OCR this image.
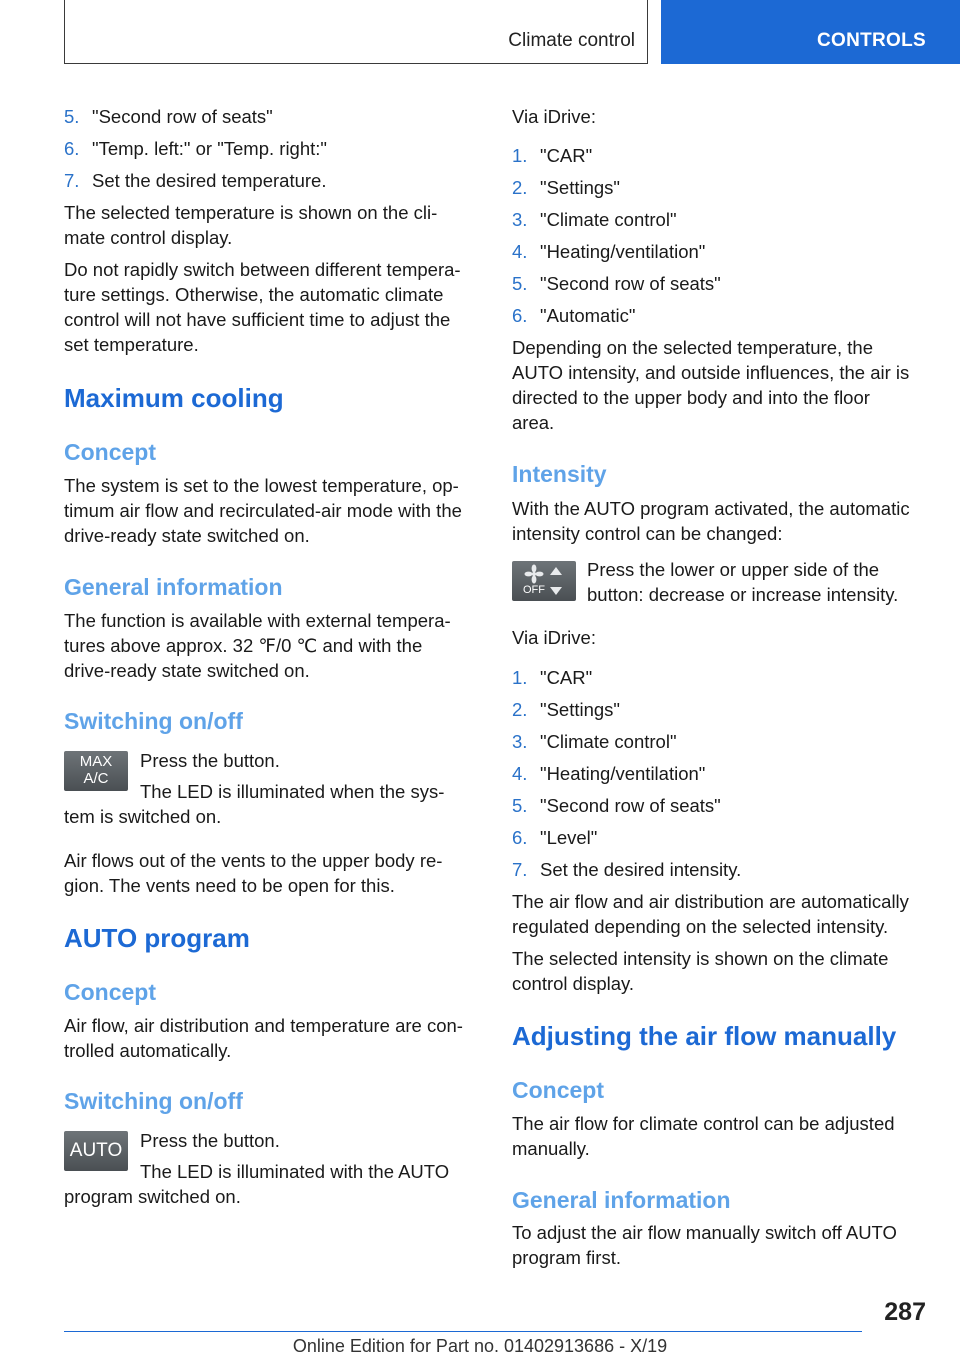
Climate control	CONTROLS
5. "Second row of seats"
6. "Temp. left:" or "Temp. right:"
7. Set the desired temperature.
The selected temperature is shown on the cli-
mate control display.
Do not rapidly switch between different tempera-
ture settings. Otherwise, the automatic climate
control will not have sufficient time to adjust the
set temperature.
Maximum cooling
Concept
The system is set to the lowest temperature, op-
timum air flow and recirculated-air mode with the
drive-ready state switched on.
General information
The function is available with external tempera-
tures above approx. 32 ℉/0 ℃ and with the
drive-ready state switched on.
Switching on/off
MAX
A/C
Press the button.
The LED is illuminated when the sys-
tem is switched on.
Air flows out of the vents to the upper body re-
gion. The vents need to be open for this.
AUTO program
Concept
Air flow, air distribution and temperature are con-
trolled automatically.
Switching on/off
AUTO Press the button.
The LED is illuminated with the AUTO
program switched on.
Via iDrive:
1. "CAR"
2. "Settings"
3. "Climate control"
4. "Heating/ventilation"
5. "Second row of seats"
6. "Automatic"
Depending on the selected temperature, the
AUTO intensity, and outside influences, the air is
directed to the upper body and into the floor
area.
Intensity
With the AUTO program activated, the automatic
intensity control can be changed:
OFF
Press the lower or upper side of the
button: decrease or increase intensity.
Via iDrive:
1. "CAR"
2. "Settings"
3. "Climate control"
4. "Heating/ventilation"
5. "Second row of seats"
6. "Level"
7. Set the desired intensity.
The air flow and air distribution are automatically
regulated depending on the selected intensity.
The selected intensity is shown on the climate
control display.
Adjusting the air flow manually
Concept
The air flow for climate control can be adjusted
manually.
General information
To adjust the air flow manually switch off AUTO
program first.
287
Online Edition for Part no. 01402913686 - X/19
